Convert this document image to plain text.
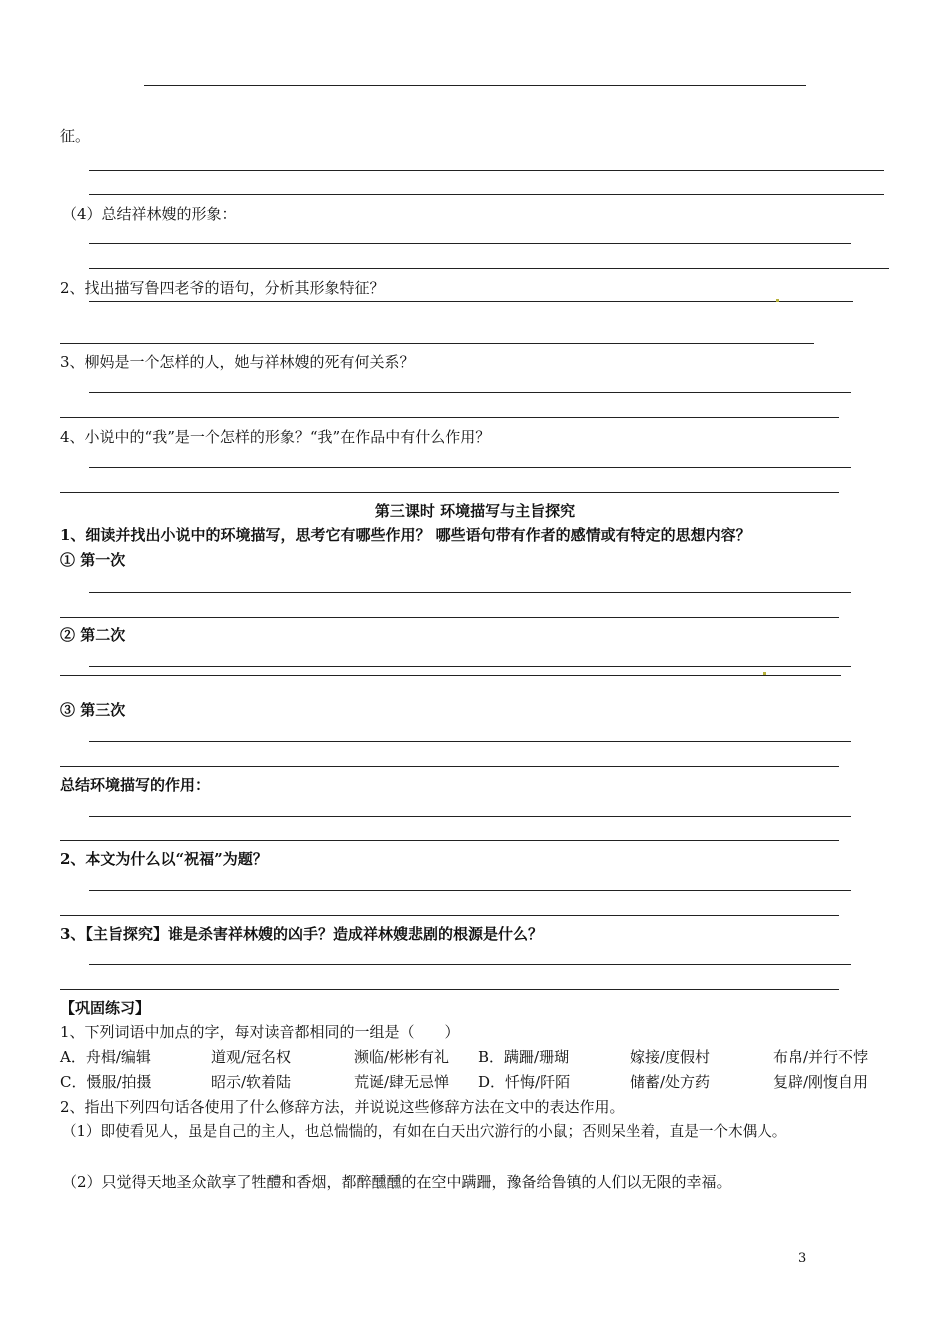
征。
（4）总结祥林嫂的形象：
2、找出描写鲁四老爷的语句，分析其形象特征？
3、柳妈是一个怎样的人，她与祥林嫂的死有何关系？
4、小说中的“我”是一个怎样的形象？“我”在作品中有什么作用？
第三课时 环境描写与主旨探究
1、细读并找出小说中的环境描写，思考它有哪些作用？ 哪些语句带有作者的感情或有特定的思想内容？
① 第一次
② 第二次
③ 第三次
总结环境描写的作用：
2、本文为什么以“祝福”为题？
3、【主旨探究】谁是杀害祥林嫂的凶手？造成祥林嫂悲剧的根源是什么？
【巩固练习】
1、下列词语中加点的字，每对读音都相同的一组是（　　）
A．舟楫/编辑	道观/冠名权	濒临/彬彬有礼 B．蹒跚/珊瑚	嫁接/度假村	布帛/并行不悖
C．慑服/拍摄	昭示/软着陆	荒诞/肆无忌惮 D．忏悔/阡陌	储蓄/处方药	复辟/刚愎自用
2、指出下列四句话各使用了什么修辞方法，并说说这些修辞方法在文中的表达作用。
（1）即使看见人，虽是自己的主人，也总惴惴的，有如在白天出穴游行的小鼠；否则呆坐着，直是一个木偶人。
（2）只觉得天地圣众歆享了牲醴和香烟，都醉醺醺的在空中蹒跚，豫备给鲁镇的人们以无限的幸福。
3
